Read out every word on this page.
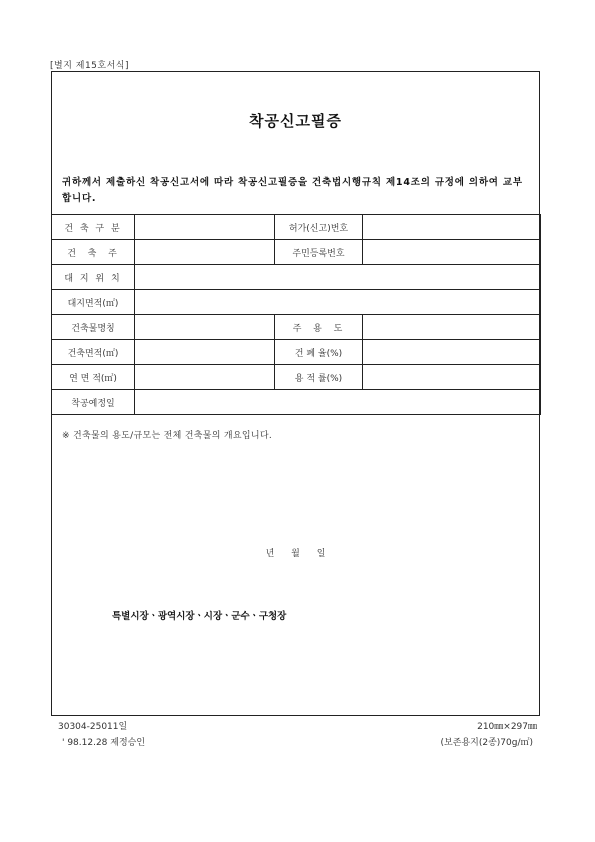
[별지 제15호서식]
착공신고필증
귀하께서 제출하신 착공신고서에 따라 착공신고필증을 건축법시행규칙 제14조의 규정에 의하여 교부합니다.
건 축 구 분		허가(신고)번호	
건  축  주		주민등록번호	
대 지 위 치			
대지면적(㎡)			
건축물명칭		주  용  도	
건축면적(㎡)		건 폐 율(%)	
연 면 적(㎡)		용 적 률(%)	
착공예정일			
※ 건축물의 용도/규모는 전체 건축물의 개요입니다.
년 월 일
특별시장ㆍ광역시장ㆍ시장ㆍ군수ㆍ구청장
30304-25011일
' 98.12.28 제정승인
210㎜×297㎜
(보존용지(2종)70g/㎡)
